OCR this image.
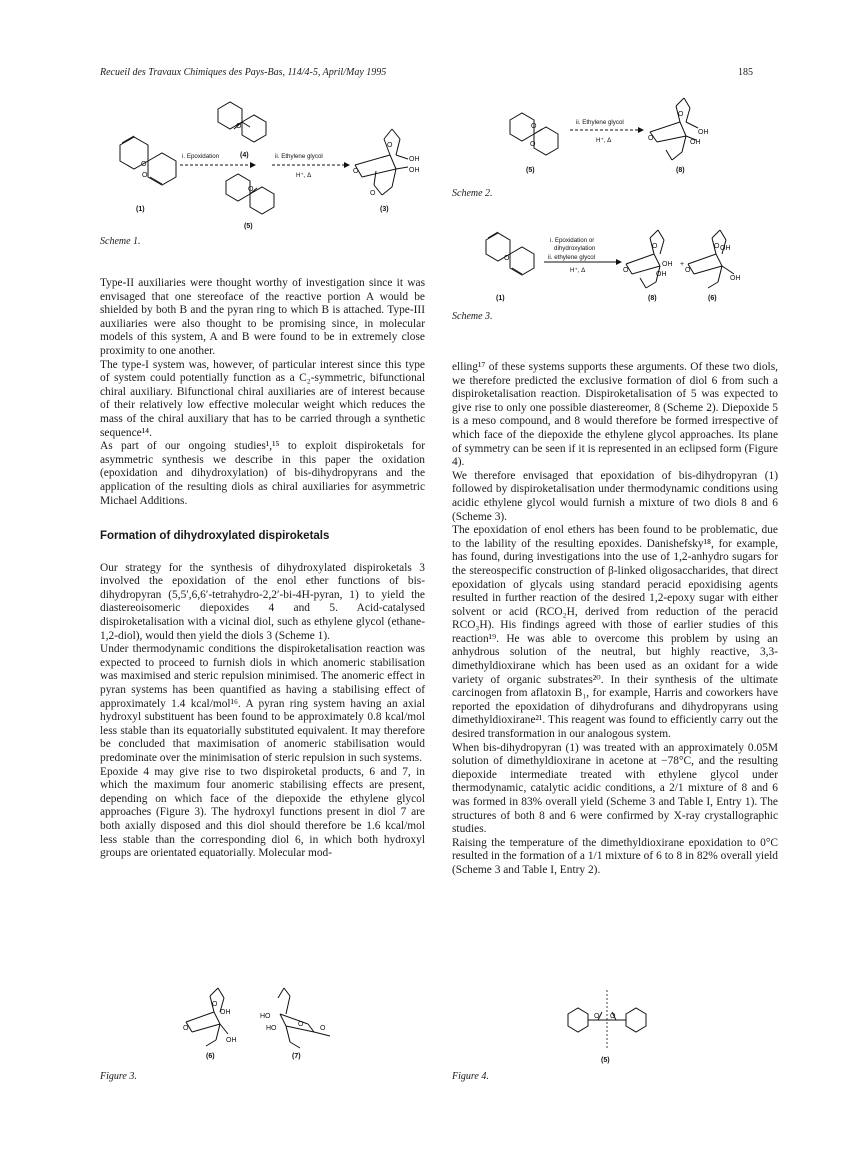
Recueil des Travaux Chimiques des Pays-Bas, 114/4-5, April/May 1995	185
O
O
(1)
O
(4)
O
(5)
i. Epoxidation	ii. Ethylene glycol
H⁺, Δ
O
O
O
OH
OH
(3)
Scheme 1.
O
O
(5)
ii. Ethylene glycol
H⁺, Δ	O
O
OH
OH
(8)
Scheme 2.
O
(1)
i. Epoxidation or
dihydroxylation
ii. ethylene glycol
H⁺, Δ	O
O
OH
OH
+
O
O OH
OH
(8)	(6)
Scheme 3.

Type-II auxiliaries were thought worthy of investigation since it was envisaged that one stereoface of the reactive portion A would be shielded by both B and the pyran ring to which B is attached. Type-III auxiliaries were also thought to be promising since, in molecular models of this system, A and B were found to be in extremely close proximity to one another.

The type-I system was, however, of particular interest since this type of system could potentially function as a C₂-symmetric, bifunctional chiral auxiliary. Bifunctional chiral auxiliaries are of interest because of their relatively low effective molecular weight which reduces the mass of the chiral auxiliary that has to be carried through a synthetic sequence¹⁴.

As part of our ongoing studies¹,¹⁵ to exploit dispiroketals for asymmetric synthesis we describe in this paper the oxidation (epoxidation and dihydroxylation) of bis-dihydropyrans and the application of the resulting diols as chiral auxiliaries for asymmetric Michael Additions.

Formation of dihydroxylated dispiroketals

Our strategy for the synthesis of dihydroxylated dispiroketals 3 involved the epoxidation of the enol ether functions of bis-dihydropyran (5,5′,6,6′-tetrahydro-2,2′-bi-4H-pyran, 1) to yield the diastereoisomeric diepoxides 4 and 5. Acid-catalysed dispiroketalisation with a vicinal diol, such as ethylene glycol (ethane-1,2-diol), would then yield the diols 3 (Scheme 1).

Under thermodynamic conditions the dispiroketalisation reaction was expected to proceed to furnish diols in which anomeric stabilisation was maximised and steric repulsion minimised. The anomeric effect in pyran systems has been quantified as having a stabilising effect of approximately 1.4 kcal/mol¹⁶. A pyran ring system having an axial hydroxyl substituent has been found to be approximately 0.8 kcal/mol less stable than its equatorially substituted equivalent. It may therefore be concluded that maximisation of anomeric stabilisation would predominate over the minimisation of steric repulsion in such systems.

Epoxide 4 may give rise to two dispiroketal products, 6 and 7, in which the maximum four anomeric stabilising effects are present, depending on which face of the diepoxide the ethylene glycol approaches (Figure 3). The hydroxyl functions present in diol 7 are both axially disposed and this diol should therefore be 1.6 kcal/mol less stable than the corresponding diol 6, in which both hydroxyl groups are orientated equatorially. Molecular mod-

elling¹⁷ of these systems supports these arguments. Of these two diols, we therefore predicted the exclusive formation of diol 6 from such a dispiroketalisation reaction. Dispiroketalisation of 5 was expected to give rise to only one possible diastereomer, 8 (Scheme 2). Diepoxide 5 is a meso compound, and 8 would therefore be formed irrespective of which face of the diepoxide the ethylene glycol approaches. Its plane of symmetry can be seen if it is represented in an eclipsed form (Figure 4).

We therefore envisaged that epoxidation of bis-dihydropyran (1) followed by dispiroketalisation under thermodynamic conditions using acidic ethylene glycol would furnish a mixture of two diols 8 and 6 (Scheme 3).

The epoxidation of enol ethers has been found to be problematic, due to the lability of the resulting epoxides. Danishefsky¹⁸, for example, has found, during investigations into the use of 1,2-anhydro sugars for the stereospecific construction of β-linked oligosaccharides, that direct epoxidation of glycals using standard peracid epoxidising agents resulted in further reaction of the desired 1,2-epoxy sugar with either solvent or acid (RCO₂H, derived from reduction of the peracid RCO₃H). His findings agreed with those of earlier studies of this reaction¹⁹. He was able to overcome this problem by using an anhydrous solution of the neutral, but highly reactive, 3,3-dimethyldioxirane which has been used as an oxidant for a wide variety of organic substrates²⁰. In their synthesis of the ultimate carcinogen from aflatoxin B₁, for example, Harris and coworkers have reported the epoxidation of dihydrofurans and dihydropyrans using dimethyldioxirane²¹. This reagent was found to efficiently carry out the desired transformation in our analogous system.

When bis-dihydropyran (1) was treated with an approximately 0.05M solution of dimethyldioxirane in acetone at −78°C, and the resulting diepoxide intermediate treated with ethylene glycol under thermodynamic, catalytic acidic conditions, a 2/1 mixture of 8 and 6 was formed in 83% overall yield (Scheme 3 and Table I, Entry 1). The structures of both 8 and 6 were confirmed by X-ray crystallographic studies.

Raising the temperature of the dimethyldioxirane epoxidation to 0°C resulted in the formation of a 1/1 mixture of 6 to 8 in 82% overall yield (Scheme 3 and Table I, Entry 2).

O
O
OH
OH
O
O
HO
HO
(6)	(7)
Figure 3.
O O
(5)
Figure 4.
